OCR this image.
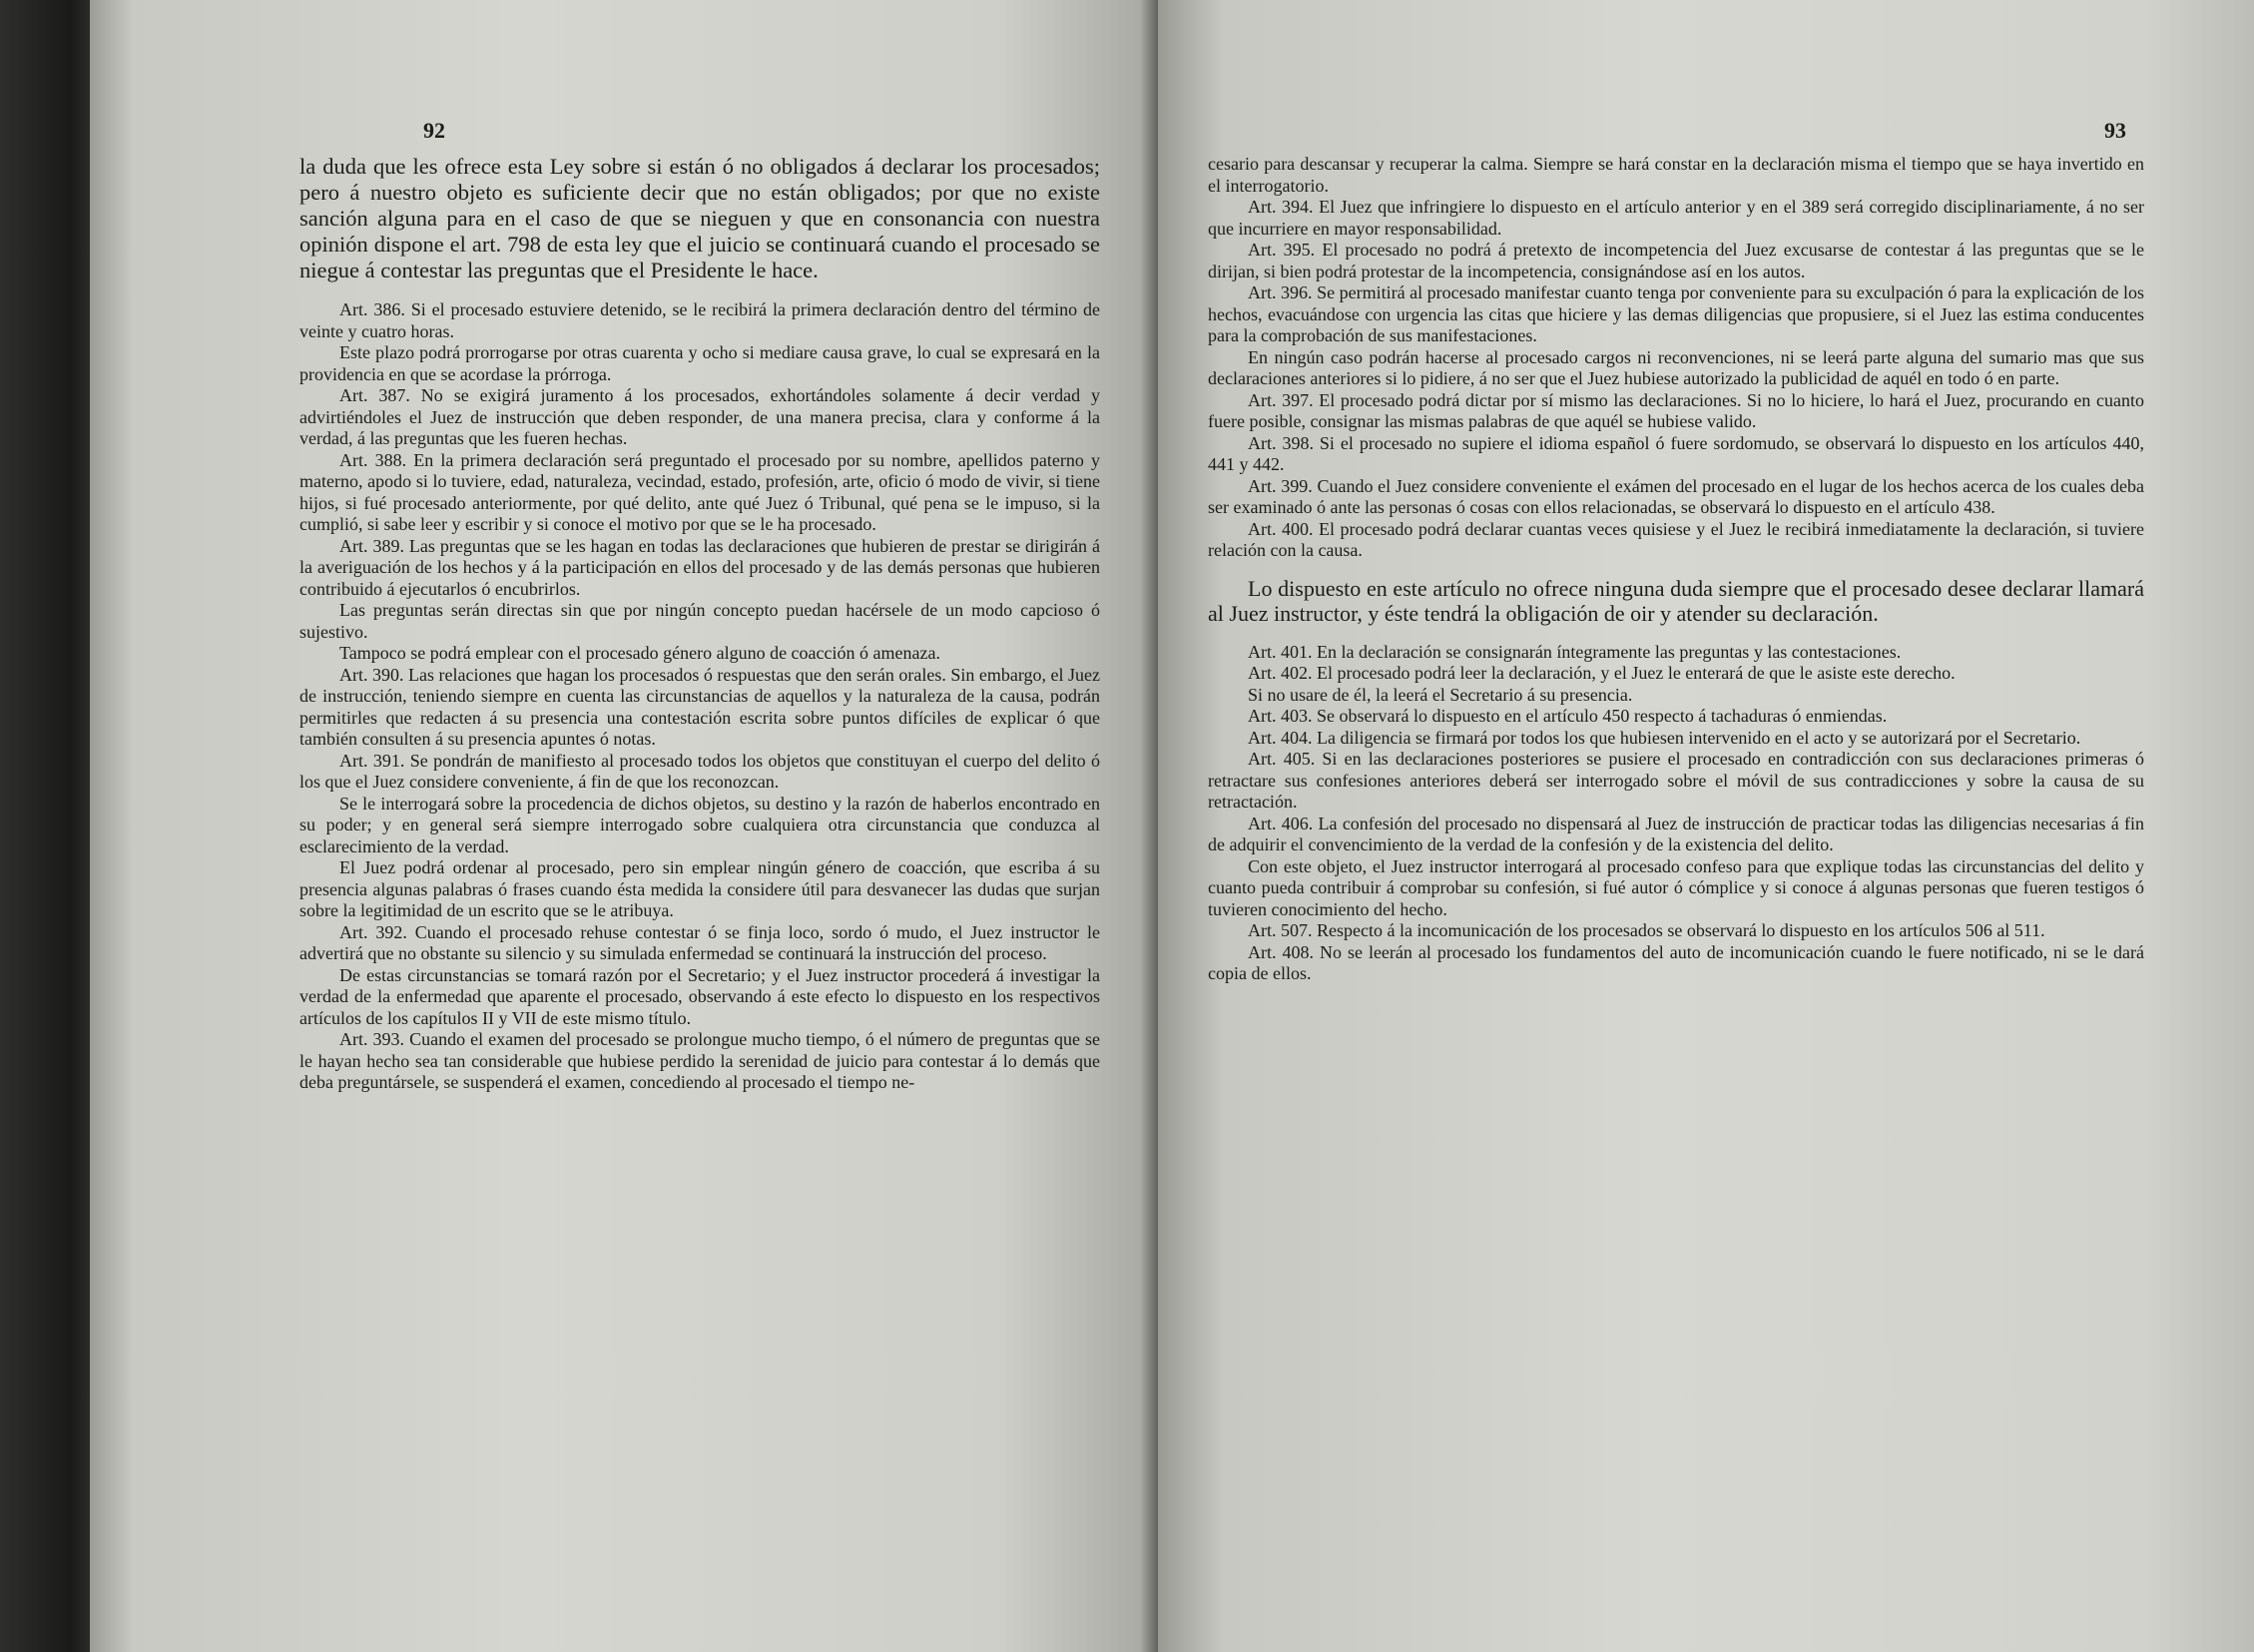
92

la duda que les ofrece esta Ley sobre si están ó no obligados á declarar los procesados; pero á nuestro objeto es suficiente decir que no están obligados; por que no existe sanción alguna para en el caso de que se nieguen y que en consonancia con nuestra opinión dispone el art. 798 de esta ley que el juicio se continuará cuando el procesado se niegue á contestar las preguntas que el Presidente le hace.

Art. 386. Si el procesado estuviere detenido, se le recibirá la primera declaración dentro del término de veinte y cuatro horas.

Este plazo podrá prorrogarse por otras cuarenta y ocho si mediare causa grave, lo cual se expresará en la providencia en que se acordase la prórroga.

Art. 387. No se exigirá juramento á los procesados, exhortándoles solamente á decir verdad y advirtiéndoles el Juez de instrucción que deben responder, de una manera precisa, clara y conforme á la verdad, á las preguntas que les fueren hechas.

Art. 388. En la primera declaración será preguntado el procesado por su nombre, apellidos paterno y materno, apodo si lo tuviere, edad, naturaleza, vecindad, estado, profesión, arte, oficio ó modo de vivir, si tiene hijos, si fué procesado anteriormente, por qué delito, ante qué Juez ó Tribunal, qué pena se le impuso, si la cumplió, si sabe leer y escribir y si conoce el motivo por que se le ha procesado.

Art. 389. Las preguntas que se les hagan en todas las declaraciones que hubieren de prestar se dirigirán á la averiguación de los hechos y á la participación en ellos del procesado y de las demás personas que hubieren contribuido á ejecutarlos ó encubrirlos.

Las preguntas serán directas sin que por ningún concepto puedan hacérsele de un modo capcioso ó sujestivo.

Tampoco se podrá emplear con el procesado género alguno de coacción ó amenaza.

Art. 390. Las relaciones que hagan los procesados ó respuestas que den serán orales. Sin embargo, el Juez de instrucción, teniendo siempre en cuenta las circunstancias de aquellos y la naturaleza de la causa, podrán permitirles que redacten á su presencia una contestación escrita sobre puntos difíciles de explicar ó que también consulten á su presencia apuntes ó notas.

Art. 391. Se pondrán de manifiesto al procesado todos los objetos que constituyan el cuerpo del delito ó los que el Juez considere conveniente, á fin de que los reconozcan.

Se le interrogará sobre la procedencia de dichos objetos, su destino y la razón de haberlos encontrado en su poder; y en general será siempre interrogado sobre cualquiera otra circunstancia que conduzca al esclarecimiento de la verdad.

El Juez podrá ordenar al procesado, pero sin emplear ningún género de coacción, que escriba á su presencia algunas palabras ó frases cuando ésta medida la considere útil para desvanecer las dudas que surjan sobre la legitimidad de un escrito que se le atribuya.

Art. 392. Cuando el procesado rehuse contestar ó se finja loco, sordo ó mudo, el Juez instructor le advertirá que no obstante su silencio y su simulada enfermedad se continuará la instrucción del proceso.

De estas circunstancias se tomará razón por el Secretario; y el Juez instructor procederá á investigar la verdad de la enfermedad que aparente el procesado, observando á este efecto lo dispuesto en los respectivos artículos de los capítulos II y VII de este mismo título.

Art. 393. Cuando el examen del procesado se prolongue mucho tiempo, ó el número de preguntas que se le hayan hecho sea tan considerable que hubiese perdido la serenidad de juicio para contestar á lo demás que deba preguntársele, se suspenderá el examen, concediendo al procesado el tiempo ne-

93

cesario para descansar y recuperar la calma. Siempre se hará constar en la declaración misma el tiempo que se haya invertido en el interrogatorio.

Art. 394. El Juez que infringiere lo dispuesto en el artículo anterior y en el 389 será corregido disciplinariamente, á no ser que incurriere en mayor responsabilidad.

Art. 395. El procesado no podrá á pretexto de incompetencia del Juez excusarse de contestar á las preguntas que se le dirijan, si bien podrá protestar de la incompetencia, consignándose así en los autos.

Art. 396. Se permitirá al procesado manifestar cuanto tenga por conveniente para su exculpación ó para la explicación de los hechos, evacuándose con urgencia las citas que hiciere y las demas diligencias que propusiere, si el Juez las estima conducentes para la comprobación de sus manifestaciones.

En ningún caso podrán hacerse al procesado cargos ni reconvenciones, ni se leerá parte alguna del sumario mas que sus declaraciones anteriores si lo pidiere, á no ser que el Juez hubiese autorizado la publicidad de aquél en todo ó en parte.

Art. 397. El procesado podrá dictar por sí mismo las declaraciones. Si no lo hiciere, lo hará el Juez, procurando en cuanto fuere posible, consignar las mismas palabras de que aquél se hubiese valido.

Art. 398. Si el procesado no supiere el idioma español ó fuere sordomudo, se observará lo dispuesto en los artículos 440, 441 y 442.

Art. 399. Cuando el Juez considere conveniente el exámen del procesado en el lugar de los hechos acerca de los cuales deba ser examinado ó ante las personas ó cosas con ellos relacionadas, se observará lo dispuesto en el artículo 438.

Art. 400. El procesado podrá declarar cuantas veces quisiese y el Juez le recibirá inmediatamente la declaración, si tuviere relación con la causa.

Lo dispuesto en este artículo no ofrece ninguna duda siempre que el procesado desee declarar llamará al Juez instructor, y éste tendrá la obligación de oir y atender su declaración.

Art. 401. En la declaración se consignarán íntegramente las preguntas y las contestaciones.

Art. 402. El procesado podrá leer la declaración, y el Juez le enterará de que le asiste este derecho.

Si no usare de él, la leerá el Secretario á su presencia.

Art. 403. Se observará lo dispuesto en el artículo 450 respecto á tachaduras ó enmiendas.

Art. 404. La diligencia se firmará por todos los que hubiesen intervenido en el acto y se autorizará por el Secretario.

Art. 405. Si en las declaraciones posteriores se pusiere el procesado en contradicción con sus declaraciones primeras ó retractare sus confesiones anteriores deberá ser interrogado sobre el móvil de sus contradicciones y sobre la causa de su retractación.

Art. 406. La confesión del procesado no dispensará al Juez de instrucción de practicar todas las diligencias necesarias á fin de adquirir el convencimiento de la verdad de la confesión y de la existencia del delito.

Con este objeto, el Juez instructor interrogará al procesado confeso para que explique todas las circunstancias del delito y cuanto pueda contribuir á comprobar su confesión, si fué autor ó cómplice y si conoce á algunas personas que fueren testigos ó tuvieren conocimiento del hecho.

Art. 507. Respecto á la incomunicación de los procesados se observará lo dispuesto en los artículos 506 al 511.

Art. 408. No se leerán al procesado los fundamentos del auto de incomunicación cuando le fuere notificado, ni se le dará copia de ellos.
